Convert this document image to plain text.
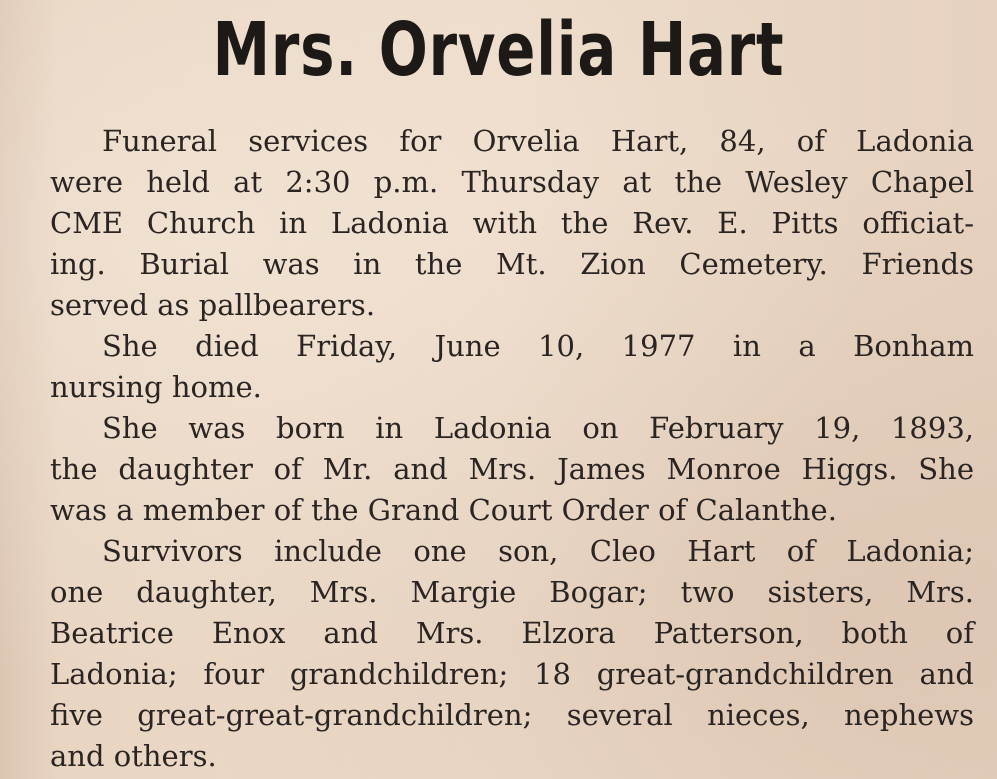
Mrs. Orvelia Hart

Funeral services for Orvelia Hart, 84, of Ladonia
were held at 2:30 p.m. Thursday at the Wesley Chapel
CME Church in Ladonia with the Rev. E. Pitts officiat-
ing. Burial was in the Mt. Zion Cemetery. Friends
served as pallbearers.

She died Friday, June 10, 1977 in a Bonham
nursing home.

She was born in Ladonia on February 19, 1893,
the daughter of Mr. and Mrs. James Monroe Higgs. She
was a member of the Grand Court Order of Calanthe.

Survivors include one son, Cleo Hart of Ladonia;
one daughter, Mrs. Margie Bogar; two sisters, Mrs.
Beatrice Enox and Mrs. Elzora Patterson, both of
Ladonia; four grandchildren; 18 great-grandchildren and
five great-great-grandchildren; several nieces, nephews
and others.
